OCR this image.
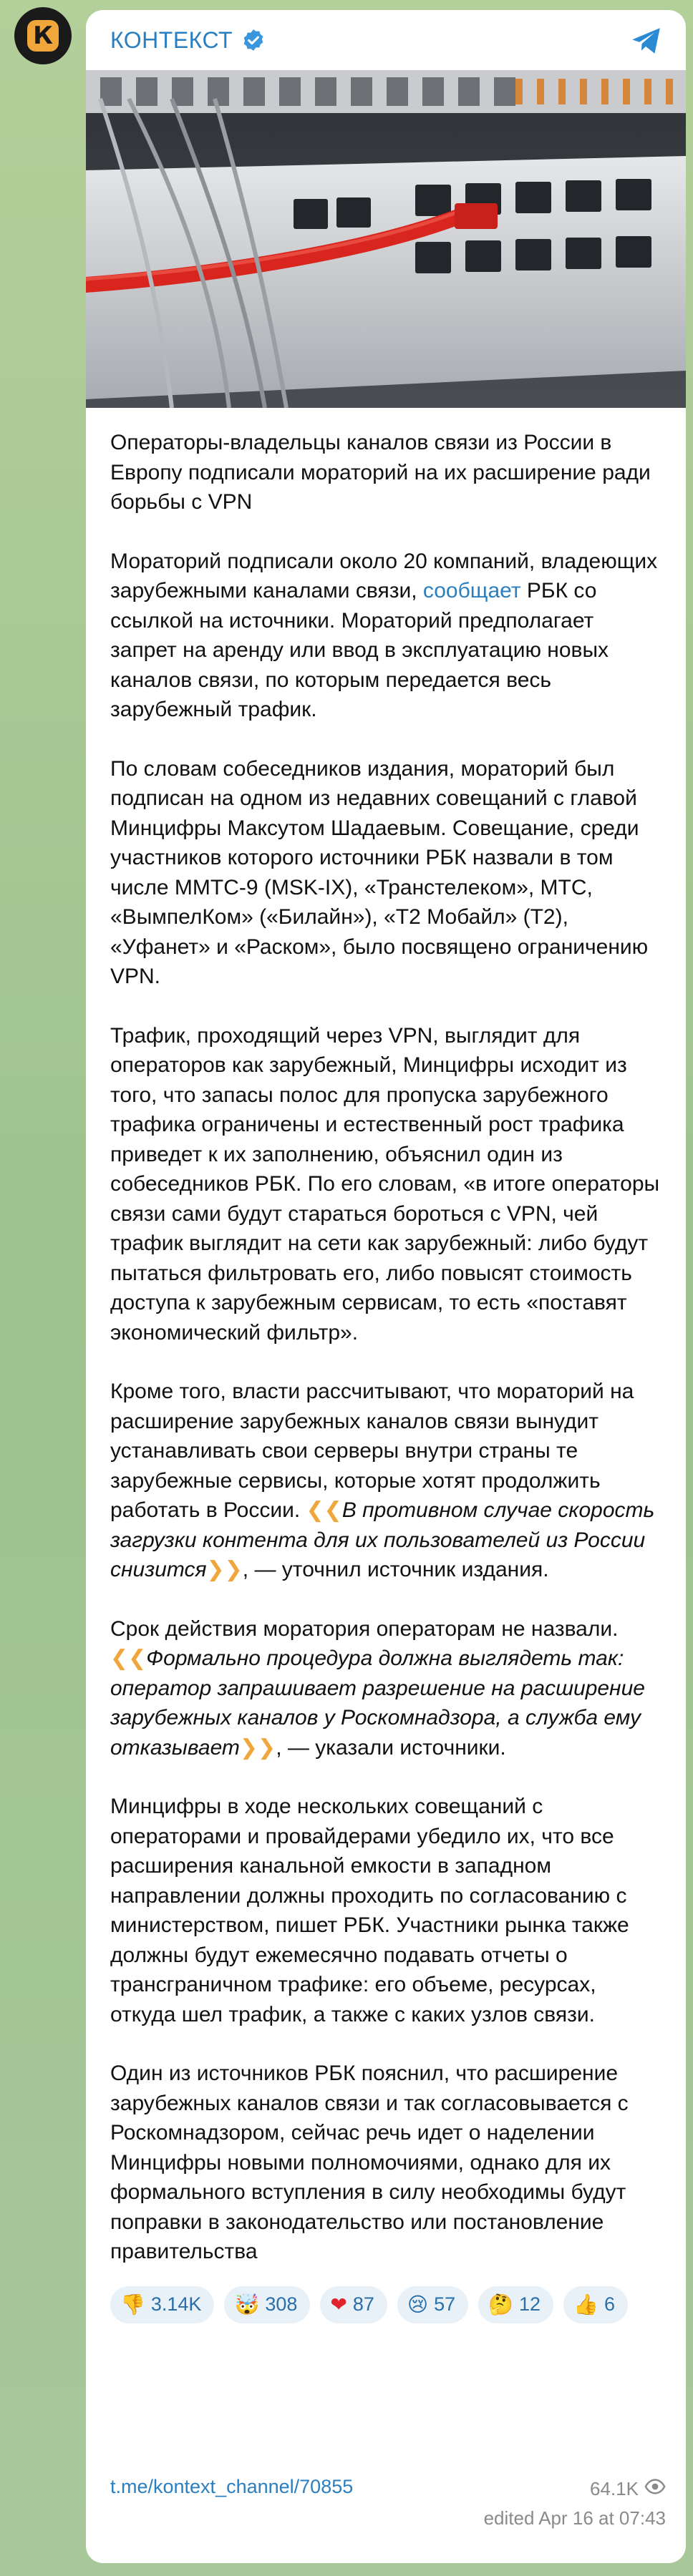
К	КОНТЕКСТ

Операторы-владельцы каналов связи из России в Европу подписали мораторий на их расширение ради борьбы с VPN

Мораторий подписали около 20 компаний, владеющих зарубежными каналами связи, сообщает РБК со ссылкой на источники. Мораторий предполагает запрет на аренду или ввод в эксплуатацию новых каналов связи, по которым передается весь зарубежный трафик.

По словам собеседников издания, мораторий был подписан на одном из недавних совещаний с главой Минцифры Максутом Шадаевым. Совещание, среди участников которого источники РБК назвали в том числе ММТС-9 (MSK-IX), «Транстелеком», МТС, «ВымпелКом» («Билайн»), «T2 Мобайл» (T2), «Уфанет» и «Раском», было посвящено ограничению VPN.

Трафик, проходящий через VPN, выглядит для операторов как зарубежный, Минцифры исходит из того, что запасы полос для пропуска зарубежного трафика ограничены и естественный рост трафика приведет к их заполнению, объяснил один из собеседников РБК. По его словам, «в итоге операторы связи сами будут стараться бороться с VPN, чей трафик выглядит на сети как зарубежный: либо будут пытаться фильтровать его, либо повысят стоимость доступа к зарубежным сервисам, то есть «поставят экономический фильтр».

Кроме того, власти рассчитывают, что мораторий на расширение зарубежных каналов связи вынудит устанавливать свои серверы внутри страны те зарубежные сервисы, которые хотят продолжить работать в России. ❮❮В противном случае скорость загрузки контента для их пользователей из России снизится❯❯, — уточнил источник издания.

Срок действия моратория операторам не назвали. ❮❮Формально процедура должна выглядеть так: оператор запрашивает разрешение на расширение зарубежных каналов у Роскомнадзора, а служба ему отказывает❯❯, — указали источники.

Минцифры в ходе нескольких совещаний с операторами и провайдерами убедило их, что все расширения канальной емкости в западном направлении должны проходить по согласованию с министерством, пишет РБК. Участники рынка также должны будут ежемесячно подавать отчеты о трансграничном трафике: его объеме, ресурсах, откуда шел трафик, а также с каких узлов связи.

Один из источников РБК пояснил, что расширение зарубежных каналов связи и так согласовывается с Роскомнадзором, сейчас речь идет о наделении Минцифры новыми полномочиями, однако для их формального вступления в силу необходимы будут поправки в законодательство или постановление правительства

👎 3.14K 🤯 308 ❤ 87 😢 57 🤔 12 👍 6
t.me/kontext_channel/70855	64.1K
edited Apr 16 at 07:43
